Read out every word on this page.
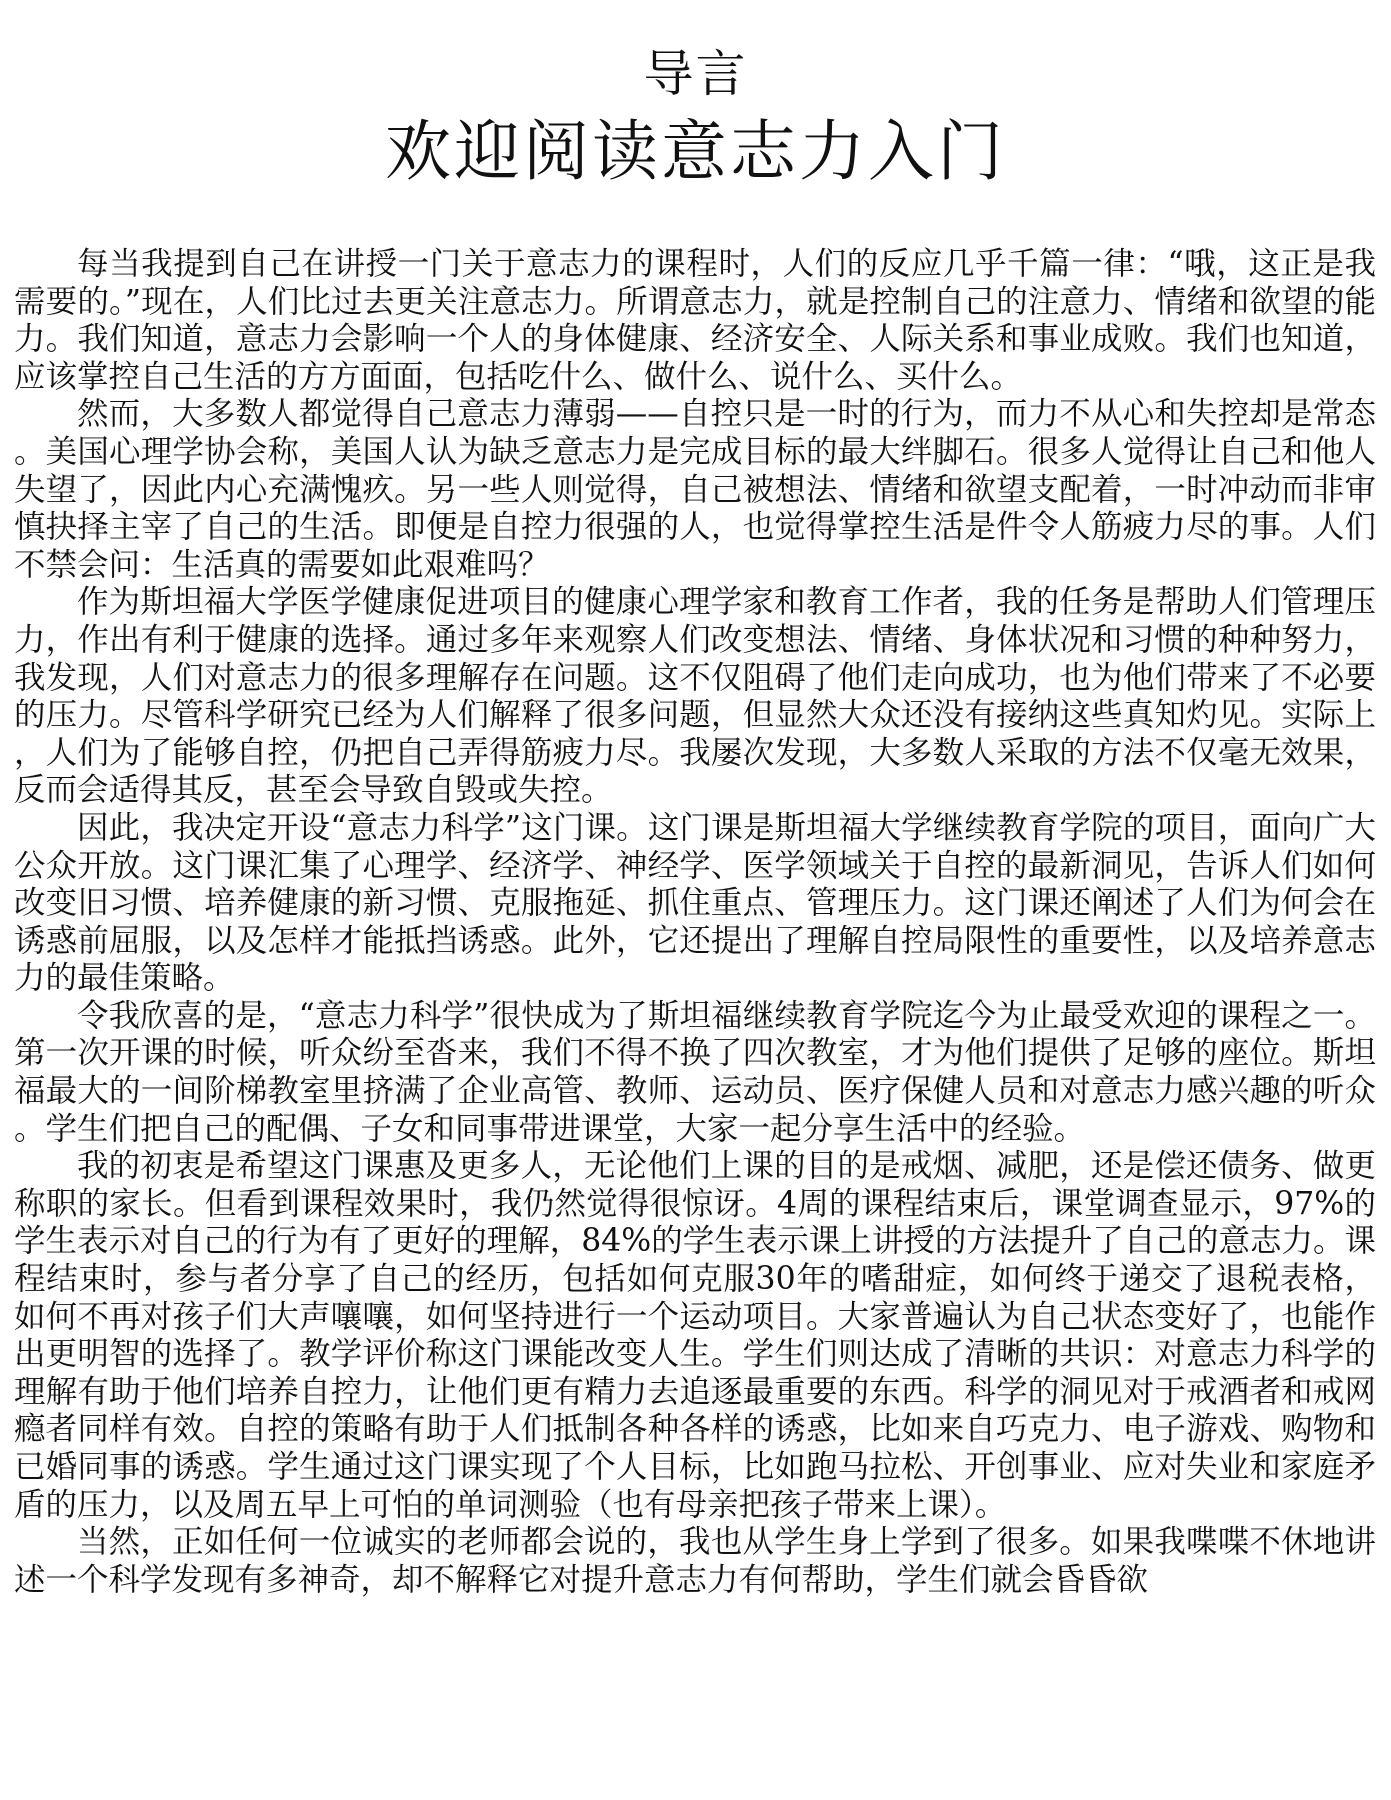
导言
欢迎阅读意志力入门

每当我提到自己在讲授一门关于意志力的课程时，人们的反应几乎千篇一律：“哦，这正是我需要的。”现在，人们比过去更关注意志力。所谓意志力，就是控制自己的注意力、情绪和欲望的能力。我们知道，意志力会影响一个人的身体健康、经济安全、人际关系和事业成败。我们也知道，应该掌控自己生活的方方面面，包括吃什么、做什么、说什么、买什么。

然而，大多数人都觉得自己意志力薄弱——自控只是一时的行为，而力不从心和失控却是常态。美国心理学协会称，美国人认为缺乏意志力是完成目标的最大绊脚石。很多人觉得让自己和他人失望了，因此内心充满愧疚。另一些人则觉得，自己被想法、情绪和欲望支配着，一时冲动而非审慎抉择主宰了自己的生活。即便是自控力很强的人，也觉得掌控生活是件令人筋疲力尽的事。人们不禁会问：生活真的需要如此艰难吗？

作为斯坦福大学医学健康促进项目的健康心理学家和教育工作者，我的任务是帮助人们管理压力，作出有利于健康的选择。通过多年来观察人们改变想法、情绪、身体状况和习惯的种种努力，我发现，人们对意志力的很多理解存在问题。这不仅阻碍了他们走向成功，也为他们带来了不必要的压力。尽管科学研究已经为人们解释了很多问题，但显然大众还没有接纳这些真知灼见。实际上，人们为了能够自控，仍把自己弄得筋疲力尽。我屡次发现，大多数人采取的方法不仅毫无效果，反而会适得其反，甚至会导致自毁或失控。

因此，我决定开设“意志力科学”这门课。这门课是斯坦福大学继续教育学院的项目，面向广大公众开放。这门课汇集了心理学、经济学、神经学、医学领域关于自控的最新洞见，告诉人们如何改变旧习惯、培养健康的新习惯、克服拖延、抓住重点、管理压力。这门课还阐述了人们为何会在诱惑前屈服，以及怎样才能抵挡诱惑。此外，它还提出了理解自控局限性的重要性，以及培养意志力的最佳策略。

令我欣喜的是，“意志力科学”很快成为了斯坦福继续教育学院迄今为止最受欢迎的课程之一。第一次开课的时候，听众纷至沓来，我们不得不换了四次教室，才为他们提供了足够的座位。斯坦福最大的一间阶梯教室里挤满了企业高管、教师、运动员、医疗保健人员和对意志力感兴趣的听众。学生们把自己的配偶、子女和同事带进课堂，大家一起分享生活中的经验。

我的初衷是希望这门课惠及更多人，无论他们上课的目的是戒烟、减肥，还是偿还债务、做更称职的家长。但看到课程效果时，我仍然觉得很惊讶。4周的课程结束后，课堂调查显示，97%的学生表示对自己的行为有了更好的理解，84%的学生表示课上讲授的方法提升了自己的意志力。课程结束时，参与者分享了自己的经历，包括如何克服30年的嗜甜症，如何终于递交了退税表格，如何不再对孩子们大声嚷嚷，如何坚持进行一个运动项目。大家普遍认为自己状态变好了，也能作出更明智的选择了。教学评价称这门课能改变人生。学生们则达成了清晰的共识：对意志力科学的理解有助于他们培养自控力，让他们更有精力去追逐最重要的东西。科学的洞见对于戒酒者和戒网瘾者同样有效。自控的策略有助于人们抵制各种各样的诱惑，比如来自巧克力、电子游戏、购物和已婚同事的诱惑。学生通过这门课实现了个人目标，比如跑马拉松、开创事业、应对失业和家庭矛盾的压力，以及周五早上可怕的单词测验（也有母亲把孩子带来上课）。

当然，正如任何一位诚实的老师都会说的，我也从学生身上学到了很多。如果我喋喋不休地讲述一个科学发现有多神奇，却不解释它对提升意志力有何帮助，学生们就会昏昏欲
